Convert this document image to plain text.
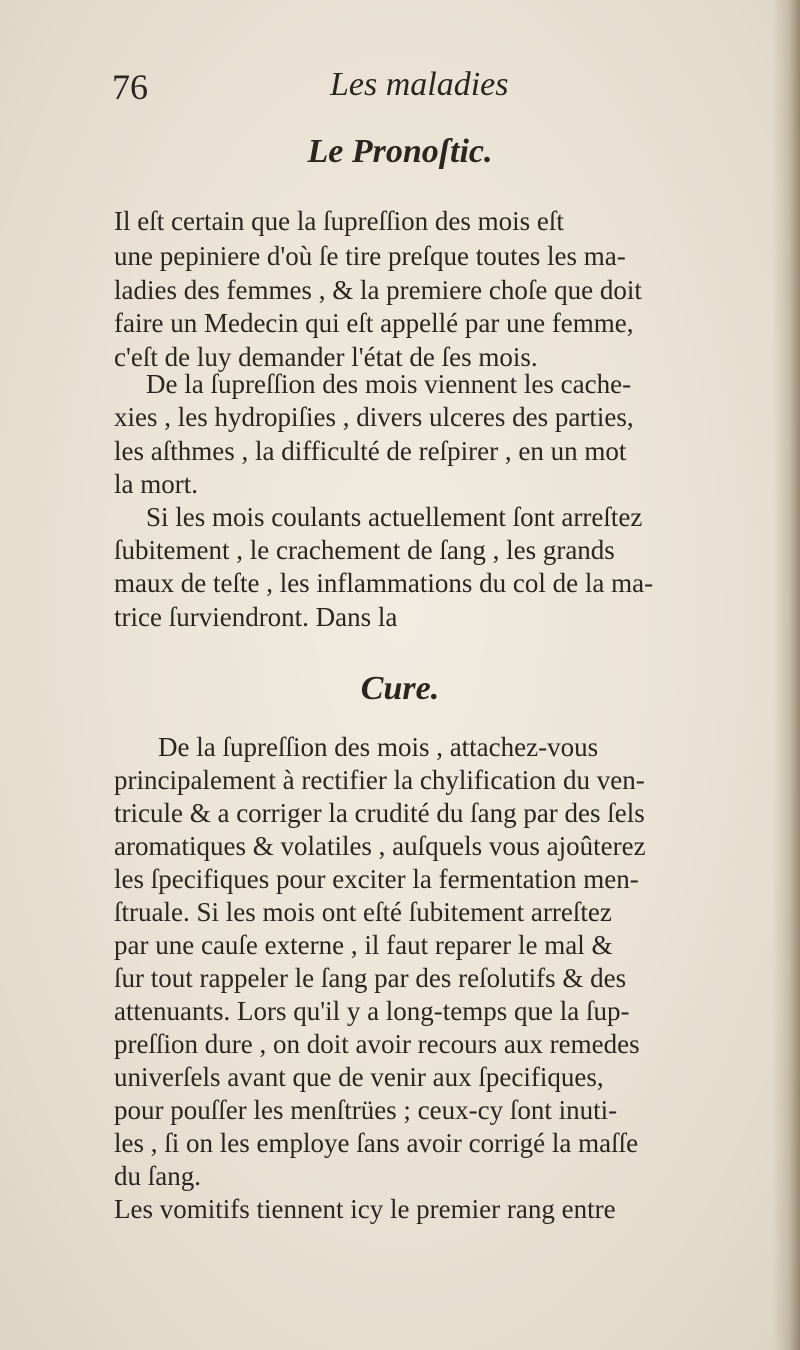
76	Les maladies
Le Pronoſtic.
Il eſt certain que la ſupreſſion des mois eſt
une pepiniere d'où ſe tire preſque toutes les ma-
ladies des femmes , & la premiere choſe que doit
faire un Medecin qui eſt appellé par une femme,
c'eſt de luy demander l'état de ſes mois.
De la ſupreſſion des mois viennent les cache-
xies , les hydropiſies , divers ulceres des parties,
les aſthmes , la difficulté de reſpirer , en un mot
la mort.
Si les mois coulants actuellement ſont arreſtez
ſubitement , le crachement de ſang , les grands
maux de teſte , les inflammations du col de la ma-
trice ſurviendront. Dans la
Cure.
De la ſupreſſion des mois , attachez-vous
principalement à rectifier la chylification du ven-
tricule & a corriger la crudité du ſang par des ſels
aromatiques & volatiles , auſquels vous ajoûterez
les ſpecifiques pour exciter la fermentation men-
ſtruale. Si les mois ont eſté ſubitement arreſtez
par une cauſe externe , il faut reparer le mal &
ſur tout rappeler le ſang par des reſolutifs & des
attenuants. Lors qu'il y a long-temps que la ſup-
preſſion dure , on doit avoir recours aux remedes
univerſels avant que de venir aux ſpecifiques,
pour pouſſer les menſtrües ; ceux-cy ſont inuti-
les , ſi on les employe ſans avoir corrigé la maſſe
du ſang.
Les vomitifs tiennent icy le premier rang entre
